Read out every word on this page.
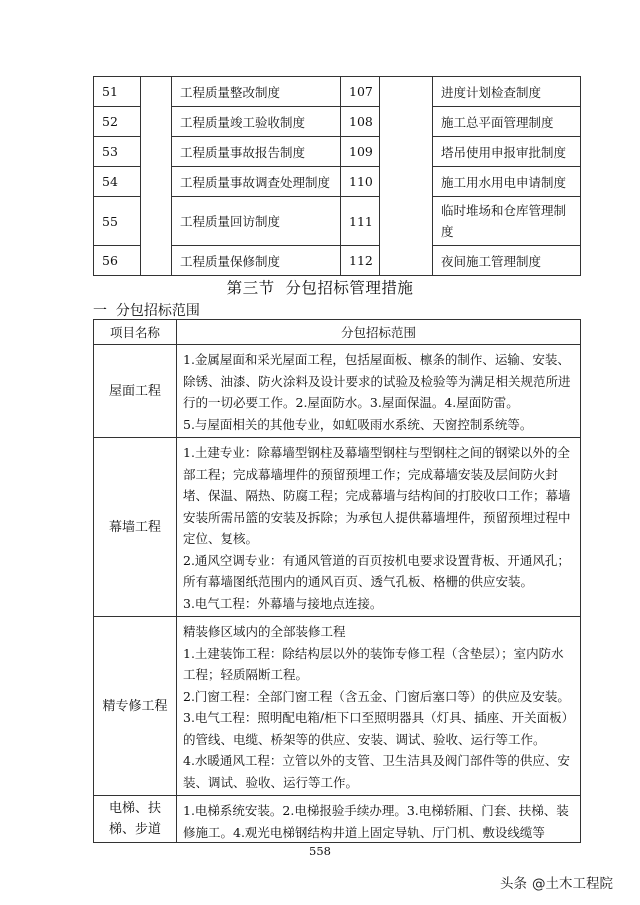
51		工程质量整改制度	107		进度计划检查制度
52		工程质量竣工验收制度	108		施工总平面管理制度
53		工程质量事故报告制度	109		塔吊使用申报审批制度
54		工程质量事故调查处理制度	110		施工用水用电申请制度
55		工程质量回访制度	111		临时堆场和仓库管理制度
56		工程质量保修制度	112		夜间施工管理制度
第三节  分包招标管理措施
一  分包招标范围
项目名称	分包招标范围
屋面工程	1.金属屋面和采光屋面工程，包括屋面板、檩条的制作、运输、安装、除锈、油漆、防火涂料及设计要求的试验及检验等为满足相关规范所进行的一切必要工作。2.屋面防水。3.屋面保温。4.屋面防雷。

5.与屋面相关的其他专业，如虹吸雨水系统、天窗控制系统等。

幕墙工程	1.土建专业：除幕墙型钢柱及幕墙型钢柱与型钢柱之间的钢梁以外的全部工程；完成幕墙埋件的预留预埋工作；完成幕墙安装及层间防火封堵、保温、隔热、防腐工程；完成幕墙与结构间的打胶收口工作；幕墙安装所需吊篮的安装及拆除；为承包人提供幕墙埋件，预留预埋过程中定位、复核。

2.通风空调专业：有通风管道的百页按机电要求设置背板、开通风孔；所有幕墙图纸范围内的通风百页、透气孔板、格栅的供应安装。

3.电气工程：外幕墙与接地点连接。

精专修工程	精装修区域内的全部装修工程

1.土建装饰工程：除结构层以外的装饰专修工程（含垫层）；室内防水工程；轻质隔断工程。

2.门窗工程：全部门窗工程（含五金、门窗后塞口等）的供应及安装。

3.电气工程：照明配电箱/柜下口至照明器具（灯具、插座、开关面板）的管线、电缆、桥架等的供应、安装、调试、验收、运行等工作。

4.水暖通风工程：立管以外的支管、卫生洁具及阀门部件等的供应、安装、调试、验收、运行等工作。

电梯、扶梯、步道	1.电梯系统安装。2.电梯报验手续办理。3.电梯轿厢、门套、扶梯、装修施工。4.观光电梯钢结构井道上固定导轨、厅门机、敷设线缆等

558
头条 @土木工程院
